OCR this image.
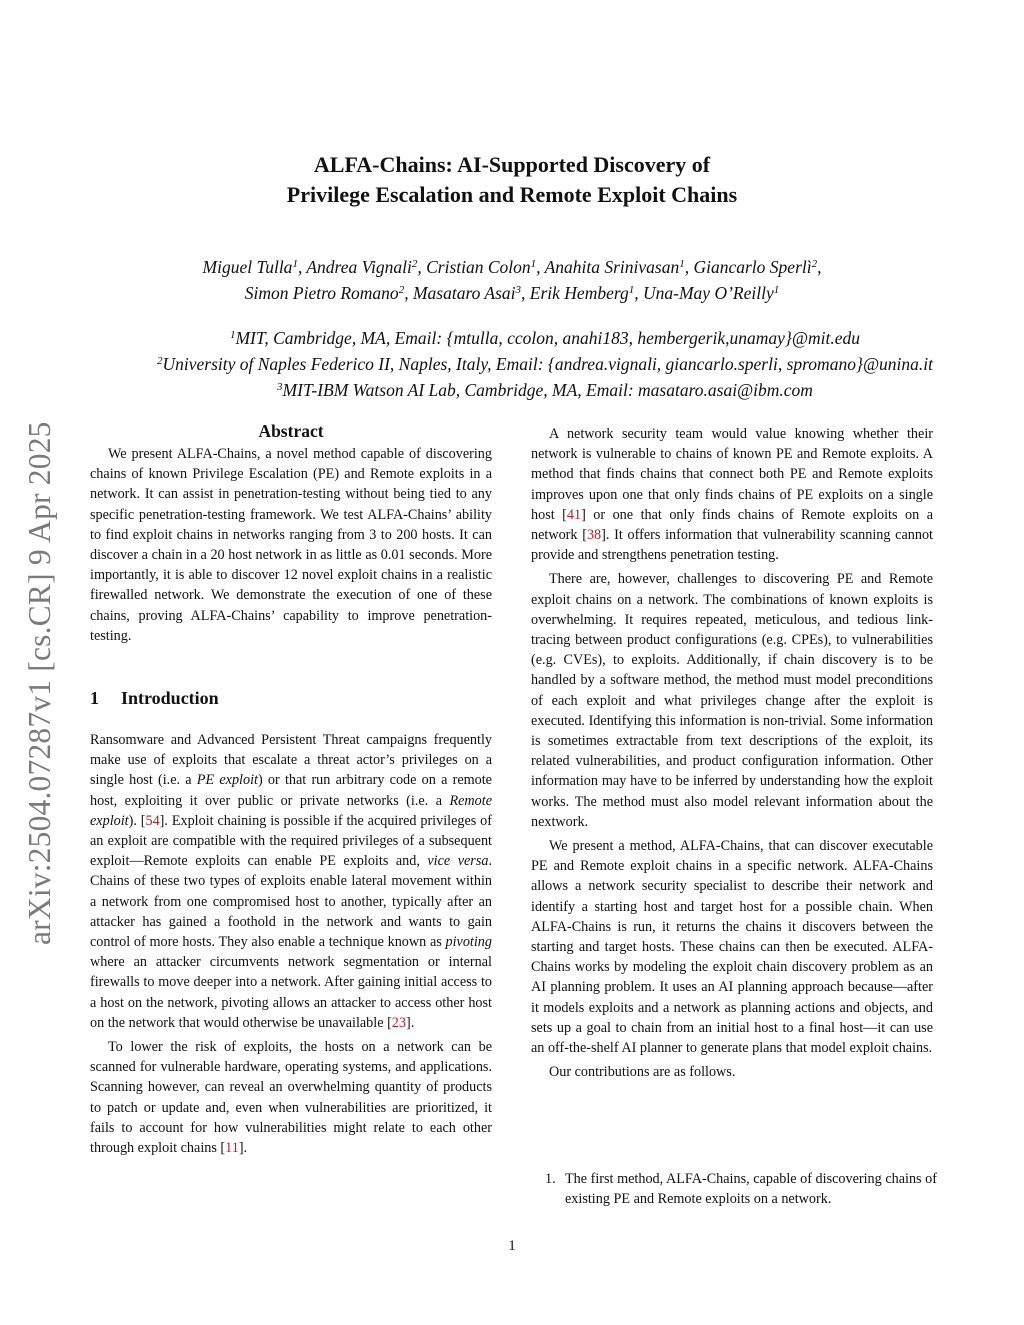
arXiv:2504.07287v1 [cs.CR] 9 Apr 2025
ALFA-Chains: AI-Supported Discovery of
Privilege Escalation and Remote Exploit Chains
Miguel Tulla$^1$, Andrea Vignali$^2$, Cristian Colon$^1$, Anahita Srinivasan$^1$, Giancarlo Sperlì$^2$,
Simon Pietro Romano$^2$, Masataro Asai$^3$, Erik Hemberg$^1$, Una-May O’Reilly$^1$
$^1$MIT, Cambridge, MA, Email: {mtulla, ccolon, anahi183, hembergerik,unamay}@mit.edu
$^2$University of Naples Federico II, Naples, Italy, Email: {andrea.vignali, giancarlo.sperli, spromano}@unina.it
$^3$MIT-IBM Watson AI Lab, Cambridge, MA, Email: masataro.asai@ibm.com
Abstract

We present ALFA-Chains, a novel method capable of discovering chains of known Privilege Escalation (PE) and Remote exploits in a network. It can assist in penetration-testing without being tied to any specific penetration-testing framework. We test ALFA-Chains’ ability to find exploit chains in networks ranging from 3 to 200 hosts. It can discover a chain in a 20 host network in as little as 0.01 seconds. More importantly, it is able to discover 12 novel exploit chains in a realistic firewalled network. We demonstrate the execution of one of these chains, proving ALFA-Chains’ capability to improve penetration-testing.

1 Introduction

Ransomware and Advanced Persistent Threat campaigns frequently make use of exploits that escalate a threat actor’s privileges on a single host (i.e. a PE exploit) or that run arbitrary code on a remote host, exploiting it over public or private networks (i.e. a Remote exploit). [54]. Exploit chaining is possible if the acquired privileges of an exploit are compatible with the required privileges of a subsequent exploit—Remote exploits can enable PE exploits and, vice versa. Chains of these two types of exploits enable lateral movement within a network from one compromised host to another, typically after an attacker has gained a foothold in the network and wants to gain control of more hosts. They also enable a technique known as pivoting where an attacker circumvents network segmentation or internal firewalls to move deeper into a network. After gaining initial access to a host on the network, pivoting allows an attacker to access other host on the network that would otherwise be unavailable [23].

To lower the risk of exploits, the hosts on a network can be scanned for vulnerable hardware, operating systems, and applications. Scanning however, can reveal an overwhelming quantity of products to patch or update and, even when vulnerabilities are prioritized, it fails to account for how vulnerabilities might relate to each other through exploit chains [11].

A network security team would value knowing whether their network is vulnerable to chains of known PE and Remote exploits. A method that finds chains that connect both PE and Remote exploits improves upon one that only finds chains of PE exploits on a single host [41] or one that only finds chains of Remote exploits on a network [38]. It offers information that vulnerability scanning cannot provide and strengthens penetration testing.

There are, however, challenges to discovering PE and Remote exploit chains on a network. The combinations of known exploits is overwhelming. It requires repeated, meticulous, and tedious link-tracing between product configurations (e.g. CPEs), to vulnerabilities (e.g. CVEs), to exploits. Additionally, if chain discovery is to be handled by a software method, the method must model preconditions of each exploit and what privileges change after the exploit is executed. Identifying this information is non-trivial. Some information is sometimes extractable from text descriptions of the exploit, its related vulnerabilities, and product configuration information. Other information may have to be inferred by understanding how the exploit works. The method must also model relevant information about the nextwork.

We present a method, ALFA-Chains, that can discover executable PE and Remote exploit chains in a specific network. ALFA-Chains allows a network security specialist to describe their network and identify a starting host and target host for a possible chain. When ALFA-Chains is run, it returns the chains it discovers between the starting and target hosts. These chains can then be executed. ALFA-Chains works by modeling the exploit chain discovery problem as an AI planning problem. It uses an AI planning approach because—after it models exploits and a network as planning actions and objects, and sets up a goal to chain from an initial host to a final host—it can use an off-the-shelf AI planner to generate plans that model exploit chains.

Our contributions are as follows.

1. The first method, ALFA-Chains, capable of discovering chains of existing PE and Remote exploits on a network.
1
